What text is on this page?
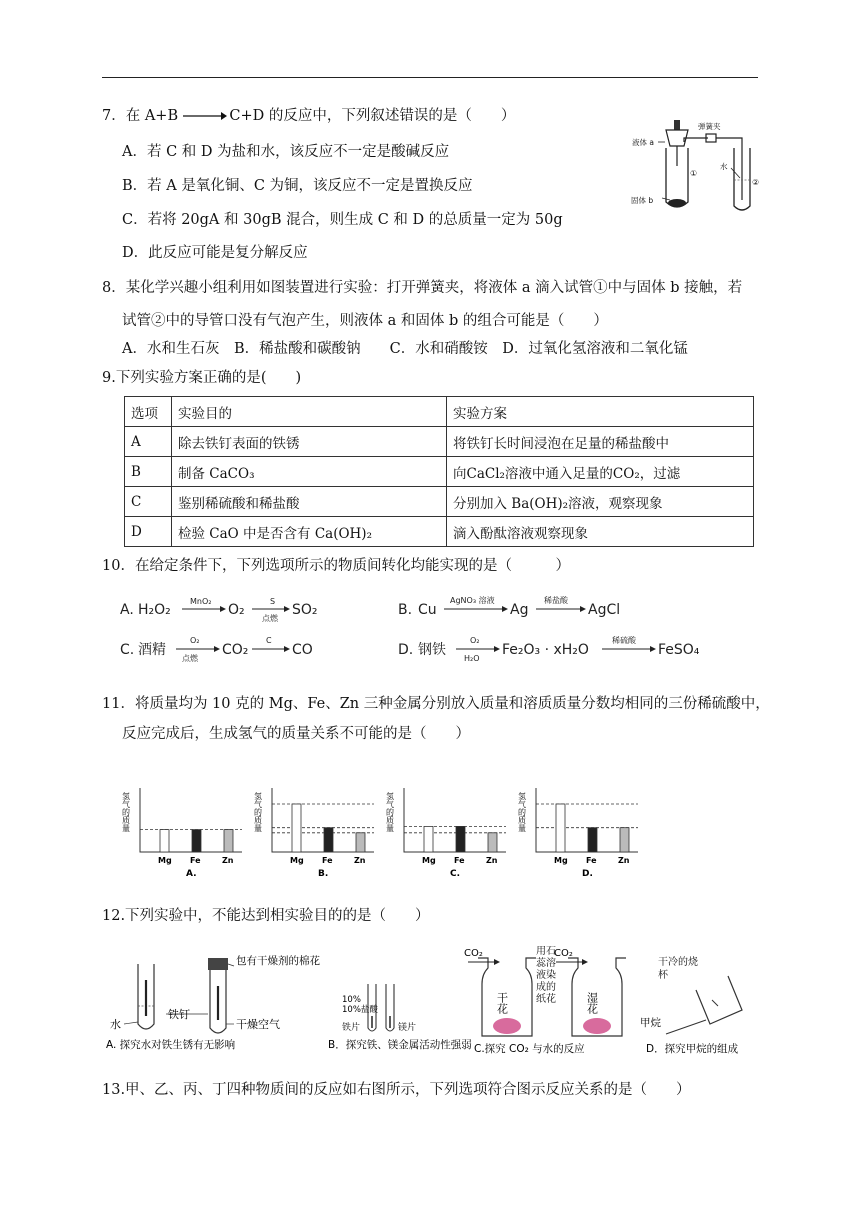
7．在 A+B → C+D 的反应中，下列叙述错误的是（　　）
A．若 C 和 D 为盐和水，该反应不一定是酸碱反应
B．若 A 是氧化铜、C 为铜，该反应不一定是置换反应
C．若将 20gA 和 30gB 混合，则生成 C 和 D 的总质量一定为 50g
D．此反应可能是复分解反应
弹簧夹
液体 a
固体 b
水
①
②
8．某化学兴趣小组利用如图装置进行实验：打开弹簧夹，将液体 a 滴入试管①中与固体 b 接触，若
试管②中的导管口没有气泡产生，则液体 a 和固体 b 的组合可能是（　　）
A．水和生石灰　B．稀盐酸和碳酸钠　　C．水和硝酸铵　D．过氧化氢溶液和二氧化锰
9.下列实验方案正确的是(　　)
选项	实验目的	实验方案
A	除去铁钉表面的铁锈	将铁钉长时间浸泡在足量的稀盐酸中
B	制备 CaCO₃	向CaCl₂溶液中通入足量的CO₂，过滤
C	鉴别稀硫酸和稀盐酸	分别加入 Ba(OH)₂溶液，观察现象
D	检验 CaO 中是否含有 Ca(OH)₂	滴入酚酞溶液观察现象
10．在给定条件下，下列选项所示的物质间转化均能实现的是（　　　）
A. H₂O₂
MnO₂
O₂
S
点燃
SO₂	B. Cu
AgNO₃ 溶液
Ag
稀盐酸
AgCl
C. 酒精
O₂
点燃
CO₂
C
CO	D. 钢铁
O₂
H₂O
Fe₂O₃ · xH₂O
稀硫酸
FeSO₄
11．将质量均为 10 克的 Mg、Fe、Zn 三种金属分别放入质量和溶质质量分数均相同的三份稀硫酸中，
反应完成后，生成氢气的质量关系不可能的是（　　）
氢气的质量
Mg Fe	Zn
A.
氢气的质量
Mg Fe	Zn
B.
氢气的质量
Mg Fe	Zn
C.
氢气的质量
Mg Fe	Zn
D.
12.下列实验中，不能达到相实验目的的是（　　）
水
铁钉
包有干燥剂的棉花
干燥空气
A. 探究水对铁生锈有无影响
10%
10%盐酸
铁片	镁片
B．探究铁、镁金属活动性强弱
CO₂	CO₂
干花	湿花
用石蕊溶液染成的纸花
C.探究 CO₂ 与水的反应
干冷的烧杯
甲烷
D．探究甲烷的组成
13.甲、乙、丙、丁四种物质间的反应如右图所示，下列选项符合图示反应关系的是（　　）
